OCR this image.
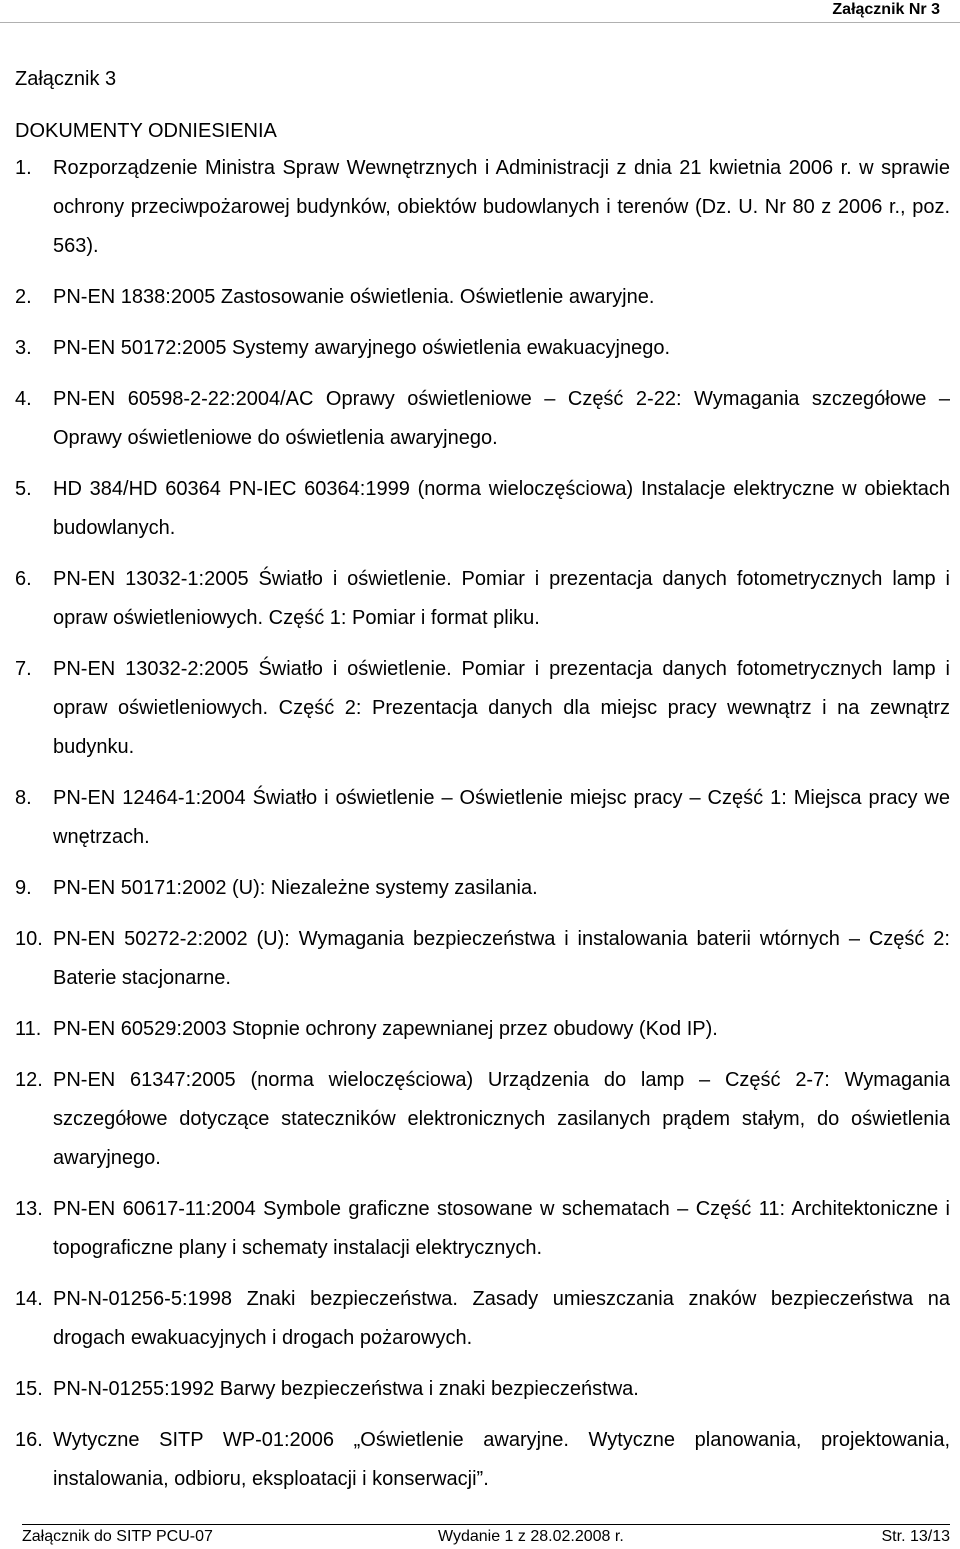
Załącznik Nr 3
Załącznik 3
DOKUMENTY ODNIESIENIA
1. Rozporządzenie Ministra Spraw Wewnętrznych i Administracji z dnia 21 kwietnia 2006 r. w sprawie ochrony przeciwpożarowej budynków, obiektów budowlanych i terenów (Dz. U. Nr 80 z 2006 r., poz. 563).
2. PN-EN 1838:2005 Zastosowanie oświetlenia. Oświetlenie awaryjne.
3. PN-EN 50172:2005 Systemy awaryjnego oświetlenia ewakuacyjnego.
4. PN-EN 60598-2-22:2004/AC Oprawy oświetleniowe – Część 2-22: Wymagania szczegółowe – Oprawy oświetleniowe do oświetlenia awaryjnego.
5. HD 384/HD 60364 PN-IEC 60364:1999 (norma wieloczęściowa) Instalacje elektryczne w obiektach budowlanych.
6. PN-EN 13032-1:2005 Światło i oświetlenie. Pomiar i prezentacja danych fotometrycznych lamp i opraw oświetleniowych. Część 1: Pomiar i format pliku.
7. PN-EN 13032-2:2005 Światło i oświetlenie. Pomiar i prezentacja danych fotometrycznych lamp i opraw oświetleniowych. Część 2: Prezentacja danych dla miejsc pracy wewnątrz i na zewnątrz budynku.
8. PN-EN 12464-1:2004 Światło i oświetlenie – Oświetlenie miejsc pracy – Część 1: Miejsca pracy we wnętrzach.
9. PN-EN 50171:2002 (U): Niezależne systemy zasilania.
10. PN-EN 50272-2:2002 (U): Wymagania bezpieczeństwa i instalowania baterii wtórnych – Część 2: Baterie stacjonarne.
11. PN-EN 60529:2003 Stopnie ochrony zapewnianej przez obudowy (Kod IP).
12. PN-EN 61347:2005 (norma wieloczęściowa) Urządzenia do lamp – Część 2-7: Wymagania szczegółowe dotyczące stateczników elektronicznych zasilanych prądem stałym, do oświetlenia awaryjnego.
13. PN-EN 60617-11:2004 Symbole graficzne stosowane w schematach – Część 11: Architektoniczne i topograficzne plany i schematy instalacji elektrycznych.
14. PN-N-01256-5:1998 Znaki bezpieczeństwa. Zasady umieszczania znaków bezpieczeństwa na drogach ewakuacyjnych i drogach pożarowych.
15. PN-N-01255:1992 Barwy bezpieczeństwa i znaki bezpieczeństwa.
16. Wytyczne SITP WP-01:2006 „Oświetlenie awaryjne. Wytyczne planowania, projektowania, instalowania, odbioru, eksploatacji i konserwacji”.
Załącznik do SITP PCU-07	Wydanie 1 z 28.02.2008 r.	Str. 13/13
